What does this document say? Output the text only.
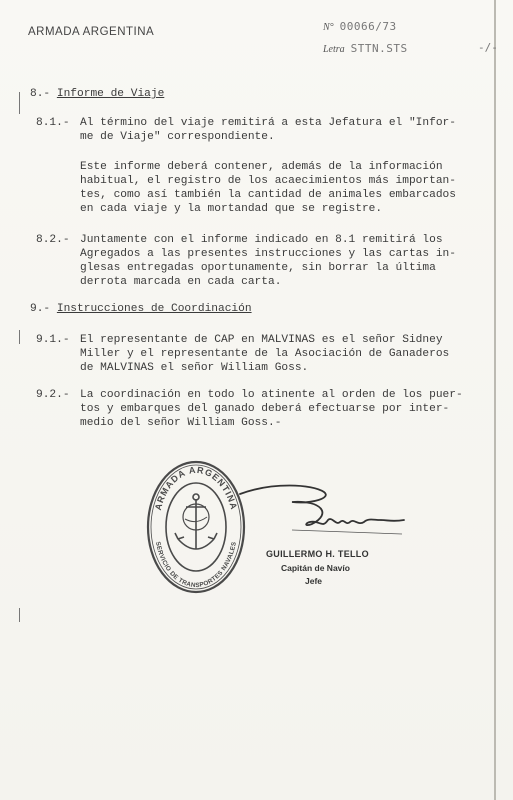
ARMADA ARGENTINA	N° 00066/73
Letra STTN.STS	-/-
8.- Informe de Viaje
8.1.- Al término del viaje remitirá a esta Jefatura el "Infor-
me de Viaje" correspondiente.
Este informe deberá contener, además de la información
habitual, el registro de los acaecimientos más importan-
tes, como así también la cantidad de animales embarcados
en cada viaje y la mortandad que se registre.
8.2.- Juntamente con el informe indicado en 8.1 remitirá los
Agregados a las presentes instrucciones y las cartas in-
glesas entregadas oportunamente, sin borrar la última
derrota marcada en cada carta.
9.- Instrucciones de Coordinación
9.1.- El representante de CAP en MALVINAS es el señor Sidney
Miller y el representante de la Asociación de Ganaderos
de MALVINAS el señor William Goss.
9.2.- La coordinación en todo lo atinente al orden de los puer-
tos y embarques del ganado deberá efectuarse por inter-
medio del señor William Goss.-
ARMADA ARGENTINA
SERVICIO DE TRANSPORTES NAVALES
GUILLERMO H. TELLO
Capitán de Navío
Jefe
